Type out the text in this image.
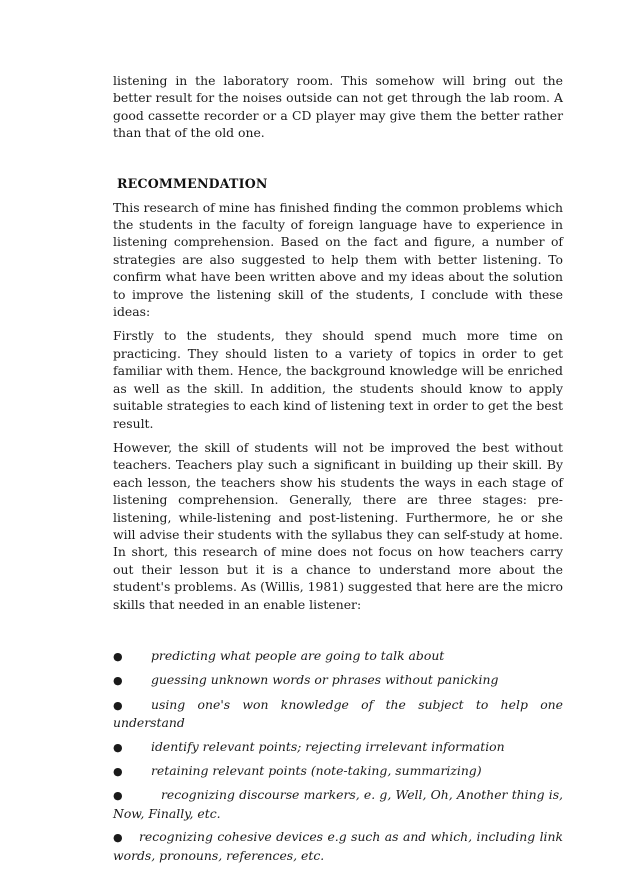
listening in the laboratory room. This somehow will bring out the better result for the noises outside can not get through the lab room. A good cassette recorder or a CD player may give them the better rather than that of the old one.

RECOMMENDATION

This research of mine has finished finding the common problems which the students in the faculty of foreign language have to experience in listening comprehension. Based on the fact and figure, a number of strategies are also suggested to help them with better listening. To confirm what have been written above and my ideas about the solution to improve the listening skill of the students, I conclude with these ideas:

Firstly to the students, they should spend much more time on practicing. They should listen to a variety of topics in order to get familiar with them. Hence, the background knowledge will be enriched as well as the skill. In addition, the students should know to apply suitable strategies to each kind of listening text in order to get the best result.

However, the skill of students will not be improved the best without teachers. Teachers play such a significant in building up their skill. By each lesson, the teachers show his students the ways in each stage of listening comprehension. Generally, there are three stages: pre-listening, while-listening and post-listening. Furthermore, he or she will advise their students with the syllabus they can self-study at home. In short, this research of mine does not focus on how teachers carry out their lesson but it is a chance to understand more about the student's problems. As (Willis, 1981) suggested that here are the micro skills that needed in an enable listener:

● predicting what people are going to talk about
● guessing unknown words or phrases without panicking
● using one's won knowledge of the subject to help one understand
● identify relevant points; rejecting irrelevant information
● retaining relevant points (note-taking, summarizing)
●	recognizing discourse markers, e. g, Well, Oh, Another thing is, Now, Finally, etc.
● recognizing cohesive devices e.g such as and which, including link words, pronouns, references, etc.
